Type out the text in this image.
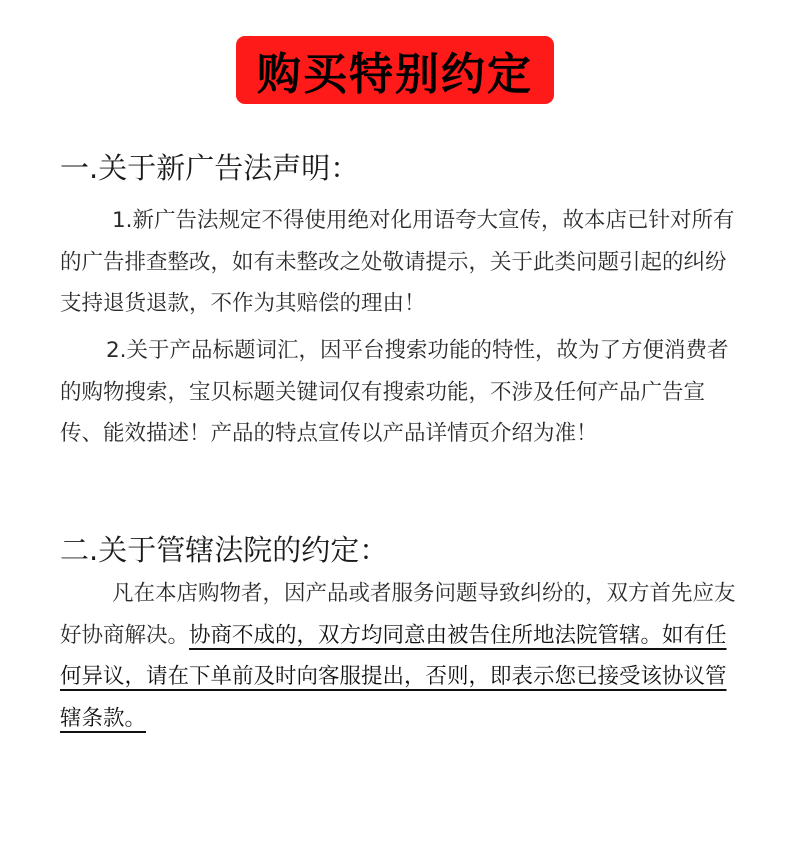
购买特别约定
一.关于新广告法声明：

1.新广告法规定不得使用绝对化用语夸大宣传，故本店已针对所有的广告排查整改，如有未整改之处敬请提示，关于此类问题引起的纠纷支持退货退款，不作为其赔偿的理由！

2.关于产品标题词汇，因平台搜索功能的特性，故为了方便消费者的购物搜索，宝贝标题关键词仅有搜索功能，不涉及任何产品广告宣传、能效描述！产品的特点宣传以产品详情页介绍为准！

二.关于管辖法院的约定：

凡在本店购物者，因产品或者服务问题导致纠纷的，双方首先应友好协商解决。协商不成的，双方均同意由被告住所地法院管辖。如有任何异议，请在下单前及时向客服提出，否则，即表示您已接受该协议管辖条款。
